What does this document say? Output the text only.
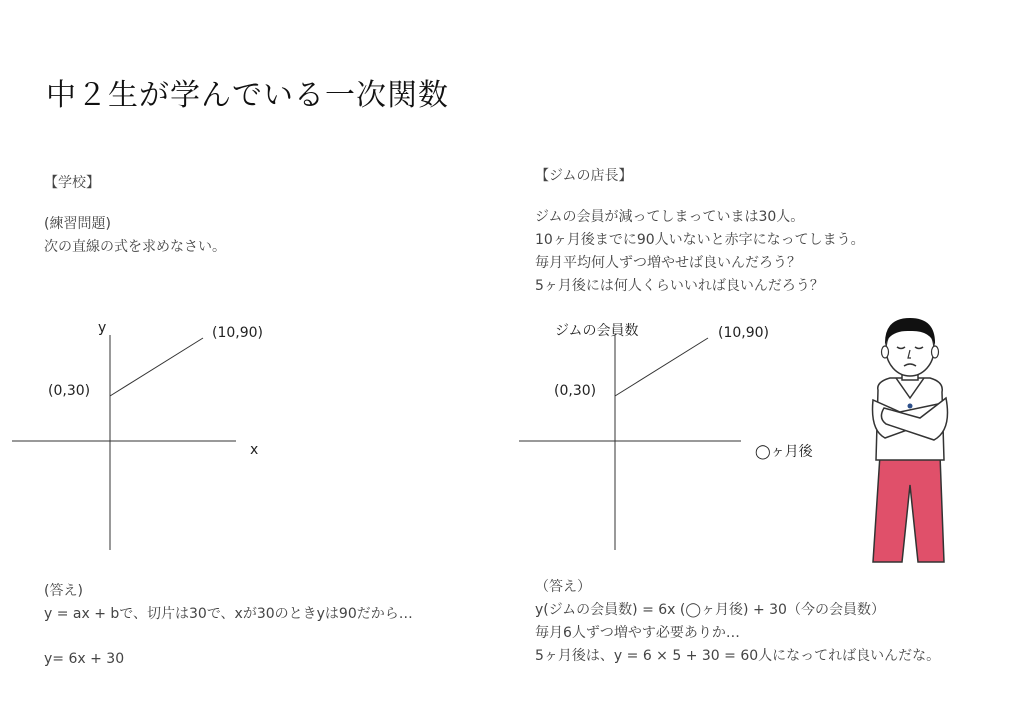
中２生が学んでいる一次関数
【学校】
(練習問題)
次の直線の式を求めなさい。
y	(10,90)
(0,30)
x
(答え)
y = ax + bで、切片は30で、xが30のときyは90だから…
y= 6x + 30
【ジムの店長】
ジムの会員が減ってしまっていまは30人。
10ヶ月後までに90人いないと赤字になってしまう。
毎月平均何人ずつ増やせば良いんだろう？
5ヶ月後には何人くらいいれば良いんだろう？
ジムの会員数	(10,90)
(0,30)
◯ヶ月後
（答え）
y(ジムの会員数) = 6x (◯ヶ月後) + 30（今の会員数）
毎月6人ずつ増やす必要ありか…
5ヶ月後は、y = 6 × 5 + 30 = 60人になってれば良いんだな。
